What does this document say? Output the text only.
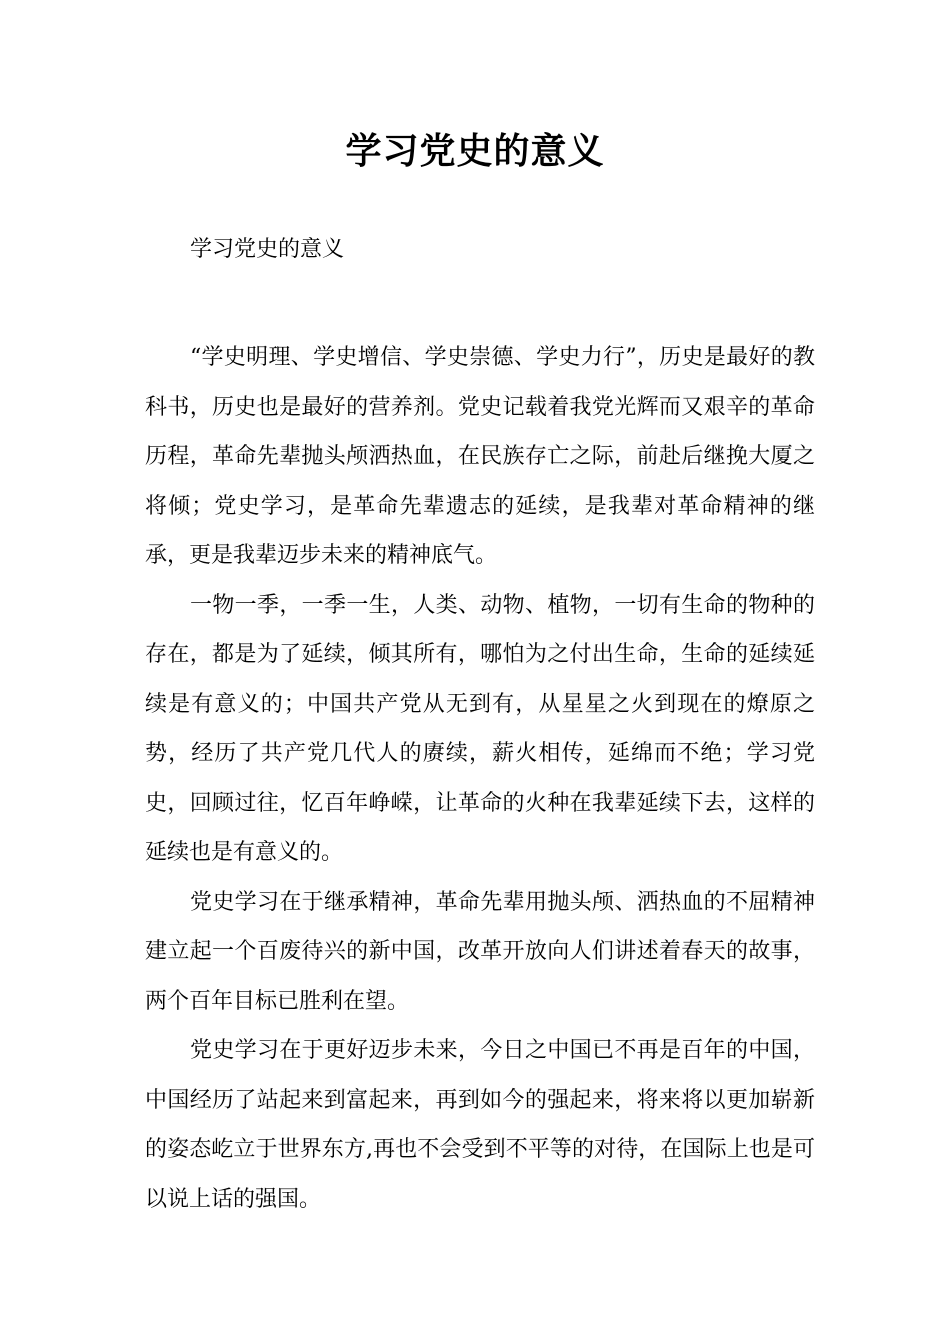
学习党史的意义

学习党史的意义

“学史明理、学史增信、学史崇德、学史力行”，历史是最好的教科书，历史也是最好的营养剂。党史记载着我党光辉而又艰辛的革命历程，革命先辈抛头颅洒热血，在民族存亡之际，前赴后继挽大厦之将倾；党史学习，是革命先辈遗志的延续，是我辈对革命精神的继承，更是我辈迈步未来的精神底气。

一物一季，一季一生，人类、动物、植物，一切有生命的物种的存在，都是为了延续，倾其所有，哪怕为之付出生命，生命的延续延续是有意义的；中国共产党从无到有，从星星之火到现在的燎原之势，经历了共产党几代人的赓续，薪火相传，延绵而不绝；学习党史，回顾过往，忆百年峥嵘，让革命的火种在我辈延续下去，这样的延续也是有意义的。

党史学习在于继承精神，革命先辈用抛头颅、洒热血的不屈精神建立起一个百废待兴的新中国，改革开放向人们讲述着春天的故事，两个百年目标已胜利在望。

党史学习在于更好迈步未来，今日之中国已不再是百年的中国，中国经历了站起来到富起来，再到如今的强起来，将来将以更加崭新的姿态屹立于世界东方,再也不会受到不平等的对待，在国际上也是可以说上话的强国。
